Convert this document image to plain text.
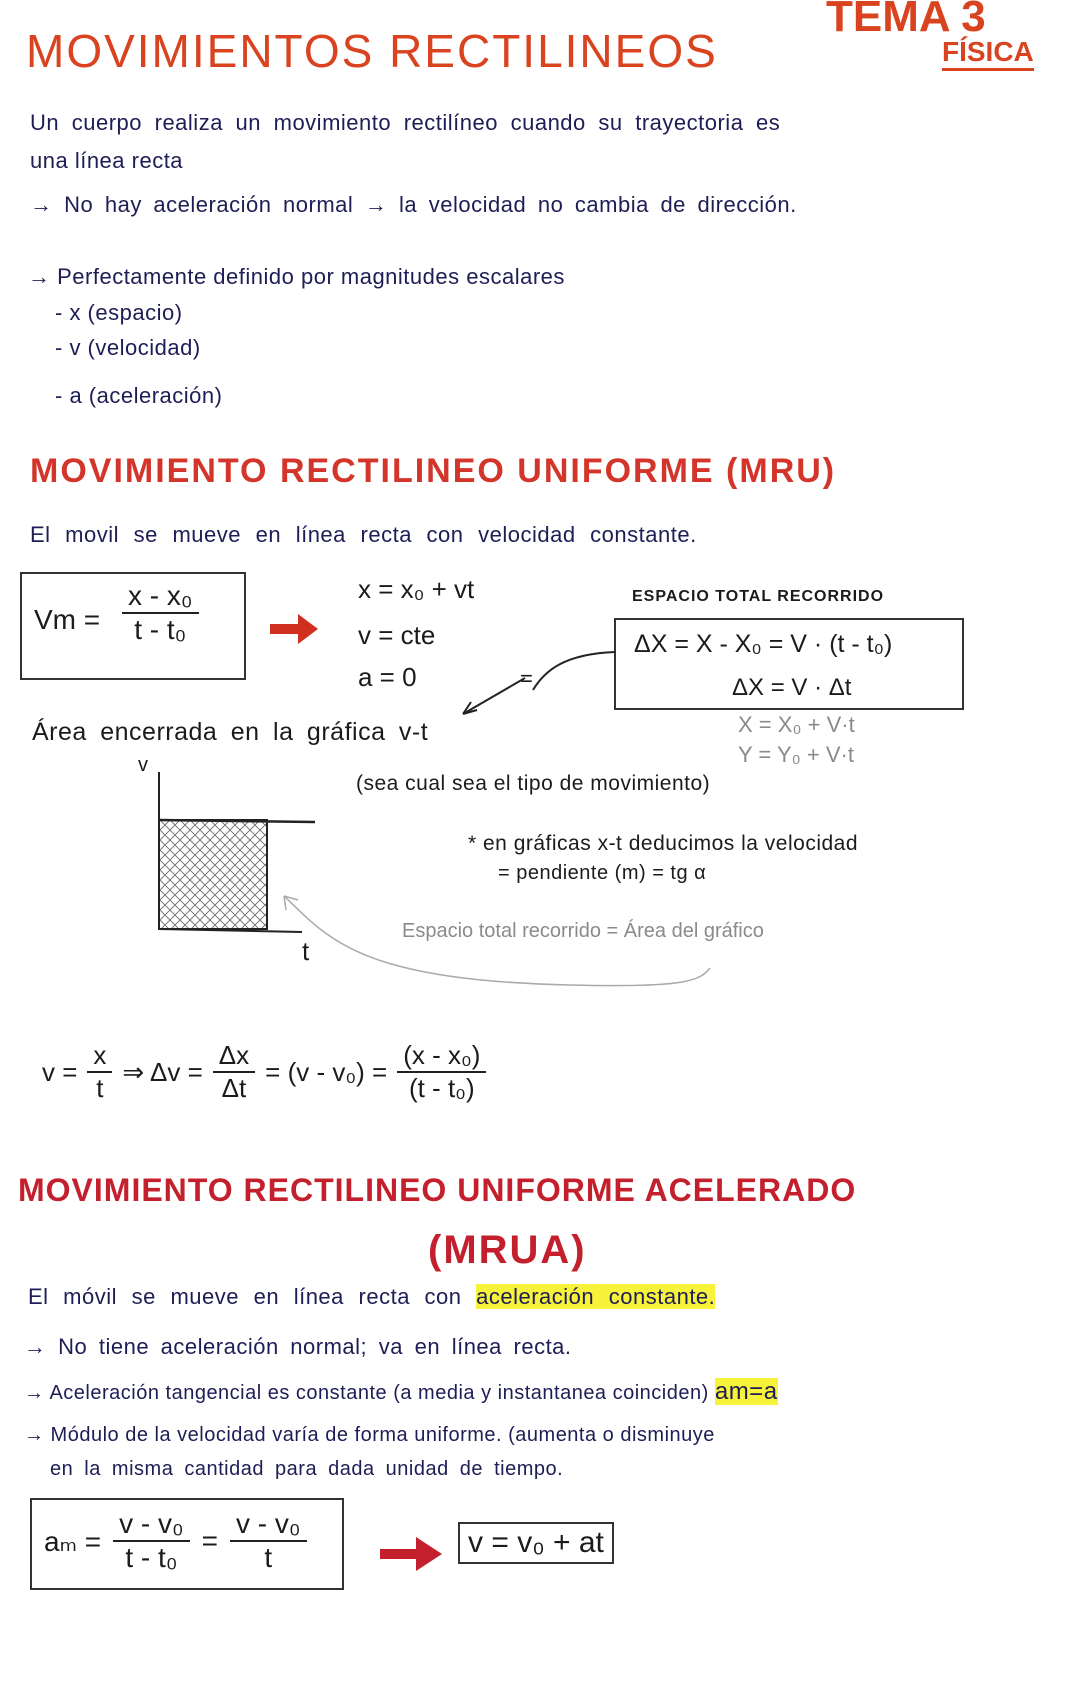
MOVIMIENTOS RECTILINEOS
TEMA 3
FÍSICA
Un cuerpo realiza un movimiento rectilíneo cuando su trayectoria es
una línea recta
→ No hay aceleración normal → la velocidad no cambia de dirección.
→ Perfectamente definido por magnitudes escalares
- x (espacio)
- v (velocidad)
- a (aceleración)
MOVIMIENTO RECTILINEO UNIFORME (MRU)
El movil se mueve en línea recta con velocidad constante.
$Vm = \frac{\text{x - x₀}}{\text{t - t₀}}$	x = x₀ + vt
v = cte
a = 0
ESPACIO TOTAL RECORRIDO
ΔX = X - X₀ = V · (t - t₀)
ΔX = V · Δt
X = X₀ + V·t
Y = Y₀ + V·t
=
Área encerrada en la gráfica v-t
(sea cual sea el tipo de movimiento)
v
t
* en gráficas x-t deducimos la velocidad
= pendiente (m) = tg α
Espacio total recorrido = Área del gráfico
$v = \frac{x}{t}$ ⇒ $\Delta v = \frac{\Delta x}{\Delta t} = (v - v_0) = \frac{\text{(x - x₀)}}{\text{(t - t₀)}}$
MOVIMIENTO RECTILINEO UNIFORME ACELERADO
(MRUA)
El móvil se mueve en línea recta con aceleración constante.
→ No tiene aceleración normal; va en línea recta.
→ Aceleración tangencial es constante (a media y instantanea coinciden) am=a
→ Módulo de la velocidad varía de forma uniforme. (aumenta o disminuye
en la misma cantidad para dada unidad de tiempo.
$a_m = \frac{\text{v - v₀}}{\text{t - t₀}} = \frac{\text{v - v₀}}{t}$	v = v₀ + at
